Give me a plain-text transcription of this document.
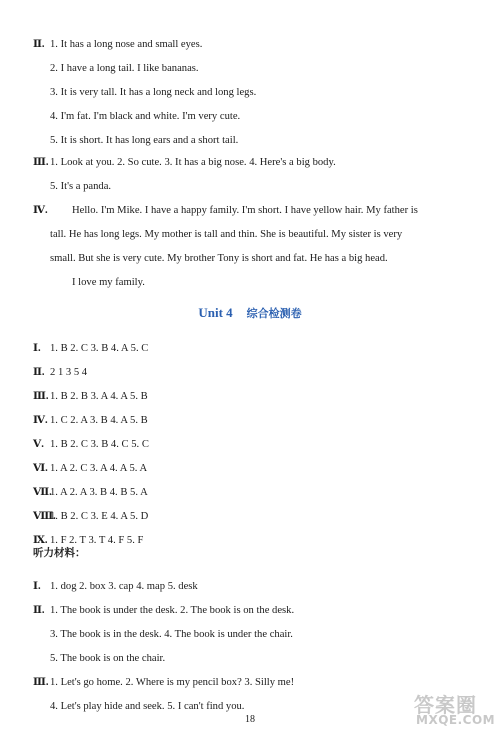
Ⅱ. 1. It has a long nose and small eyes.
2. I have a long tail. I like bananas.
3. It is very tall. It has a long neck and long legs.
4. I'm fat. I'm black and white. I'm very cute.
5. It is short. It has long ears and a short tail.
Ⅲ. 1. Look at you. 2. So cute. 3. It has a big nose. 4. Here's a big body.
5. It's a panda.
Ⅳ. Hello. I'm Mike. I have a happy family. I'm short. I have yellow hair. My father is
tall. He has long legs. My mother is tall and thin. She is beautiful. My sister is very
small. But she is very cute. My brother Tony is short and fat. He has a big head.
I love my family.
Unit 4 综合检测卷
Ⅰ. 1. B 2. C 3. B 4. A 5. C
Ⅱ. 2 1 3 5 4
Ⅲ. 1. B 2. B 3. A 4. A 5. B
Ⅳ. 1. C 2. A 3. B 4. A 5. B
Ⅴ. 1. B 2. C 3. B 4. C 5. C
Ⅵ. 1. A 2. C 3. A 4. A 5. A
Ⅶ.
1. A 2. A 3. B 4. B 5. A
Ⅷ.
1. B 2. C 3. E 4. A 5. D
Ⅸ. 1. F 2. T 3. T 4. F 5. F
听力材料：
Ⅰ. 1. dog 2. box 3. cap 4. map 5. desk
Ⅱ. 1. The book is under the desk. 2. The book is on the desk.
3. The book is in the desk. 4. The book is under the chair.
5. The book is on the chair.
Ⅲ. 1. Let's go home. 2. Where is my pencil box? 3. Silly me!
4. Let's play hide and seek. 5. I can't find you.
18
答案圈
MXQE.COM
